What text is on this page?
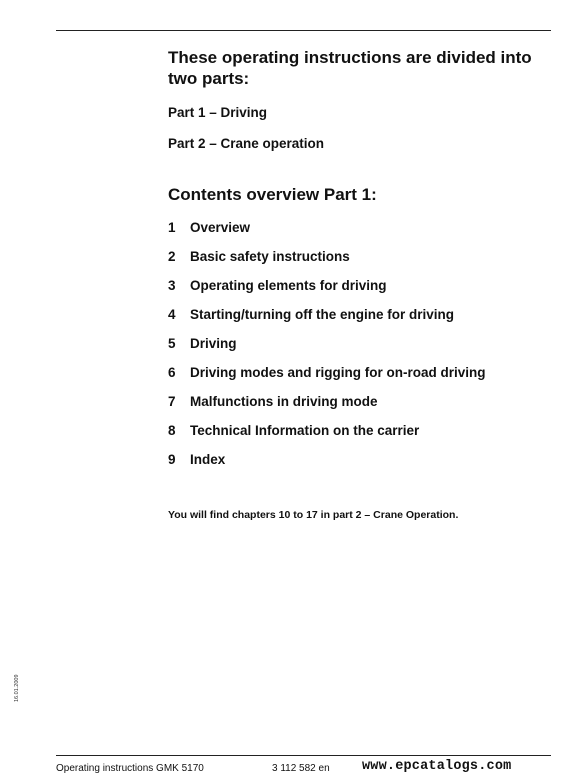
These operating instructions are divided into two parts:

Part 1 – Driving

Part 2 – Crane operation

Contents overview Part 1:
1	Overview
2	Basic safety instructions
3	Operating elements for driving
4	Starting/turning off the engine for driving
5	Driving
6	Driving modes and rigging for on-road driving
7	Malfunctions in driving mode
8	Technical Information on the carrier
9	Index

You will find chapters 10 to 17 in part 2 – Crane Operation.

16.01.2009
Operating instructions GMK 5170	3 112 582 en www.epcatalogs.com
